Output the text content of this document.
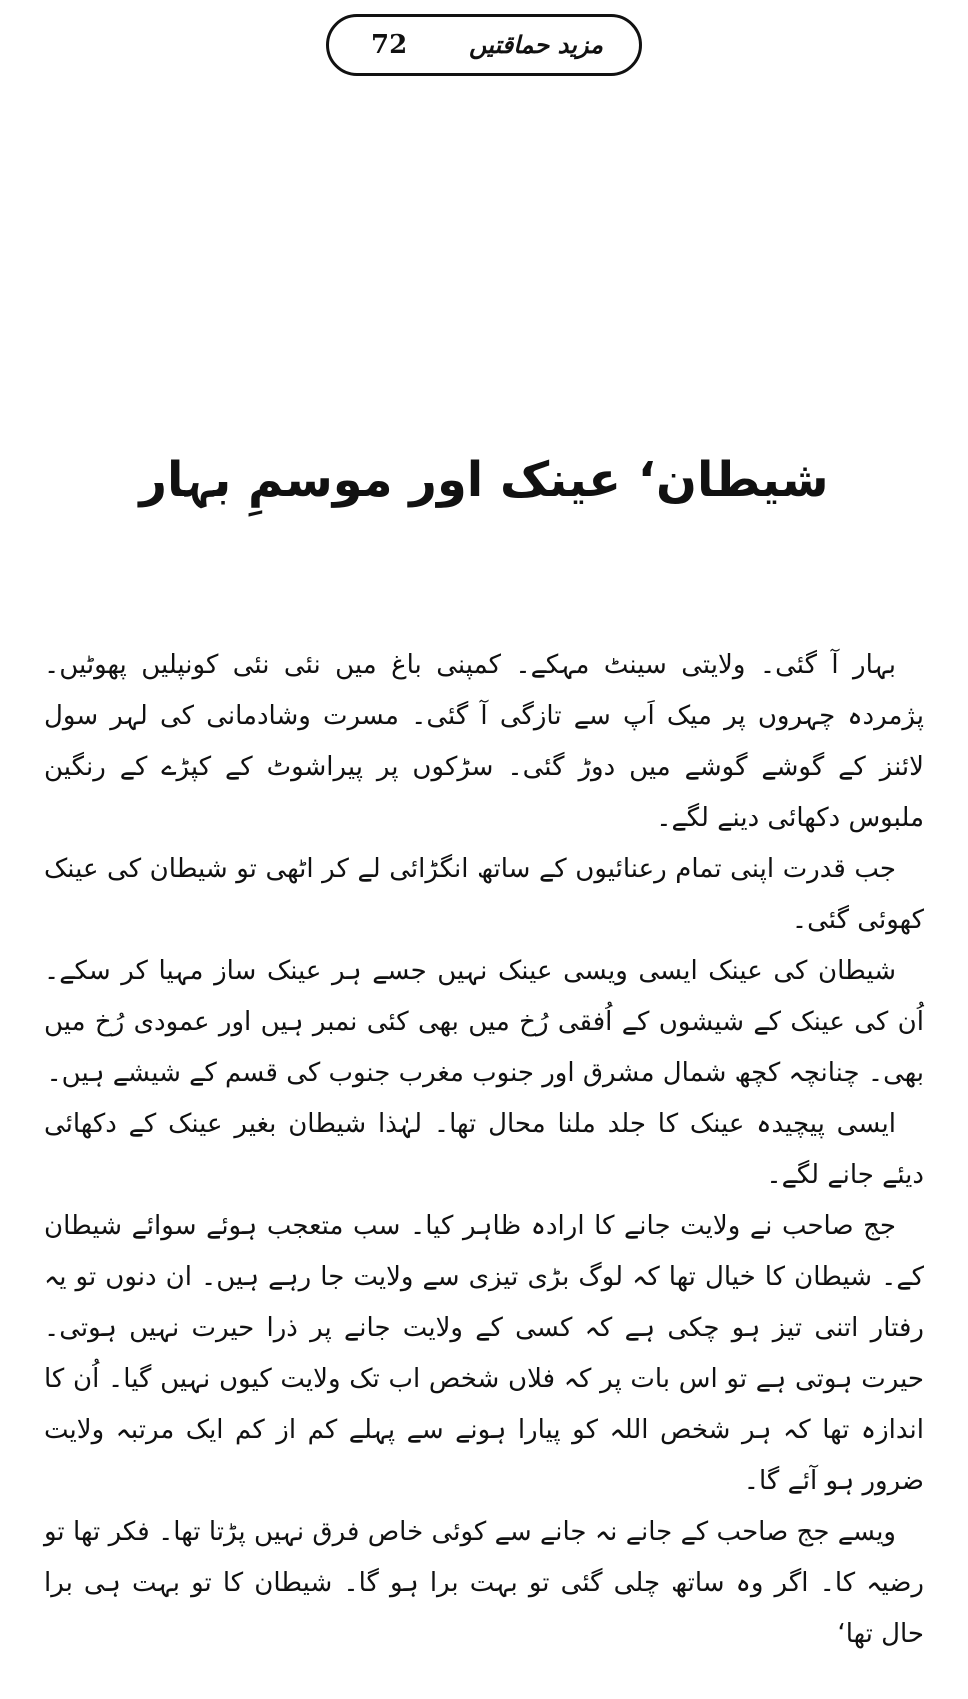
72	مزید حماقتیں
شیطان‘ عینک اور موسمِ بہار

بہار آ گئی۔ ولایتی سینٹ مہکے۔ کمپنی باغ میں نئی نئی کونپلیں پھوٹیں۔ پژمردہ چہروں پر میک اَپ سے تازگی آ گئی۔ مسرت وشادمانی کی لہر سول لائنز کے گوشے گوشے میں دوڑ گئی۔ سڑکوں پر پیراشوٹ کے کپڑے کے رنگین ملبوس دکھائی دینے لگے۔

جب قدرت اپنی تمام رعنائیوں کے ساتھ انگڑائی لے کر اٹھی تو شیطان کی عینک کھوئی گئی۔

شیطان کی عینک ایسی ویسی عینک نہیں جسے ہر عینک ساز مہیا کر سکے۔ اُن کی عینک کے شیشوں کے اُفقی رُخ میں بھی کئی نمبر ہیں اور عمودی رُخ میں بھی۔ چنانچہ کچھ شمال مشرق اور جنوب مغرب جنوب کی قسم کے شیشے ہیں۔

ایسی پیچیدہ عینک کا جلد ملنا محال تھا۔ لہٰذا شیطان بغیر عینک کے دکھائی دیئے جانے لگے۔

جج صاحب نے ولایت جانے کا ارادہ ظاہر کیا۔ سب متعجب ہوئے سوائے شیطان کے۔ شیطان کا خیال تھا کہ لوگ بڑی تیزی سے ولایت جا رہے ہیں۔ ان دنوں تو یہ رفتار اتنی تیز ہو چکی ہے کہ کسی کے ولایت جانے پر ذرا حیرت نہیں ہوتی۔ حیرت ہوتی ہے تو اس بات پر کہ فلاں شخص اب تک ولایت کیوں نہیں گیا۔ اُن کا اندازہ تھا کہ ہر شخص اللہ کو پیارا ہونے سے پہلے کم از کم ایک مرتبہ ولایت ضرور ہو آئے گا۔

ویسے جج صاحب کے جانے نہ جانے سے کوئی خاص فرق نہیں پڑتا تھا۔ فکر تھا تو رضیہ کا۔ اگر وہ ساتھ چلی گئی تو بہت برا ہو گا۔ شیطان کا تو بہت ہی برا حال تھا‘
